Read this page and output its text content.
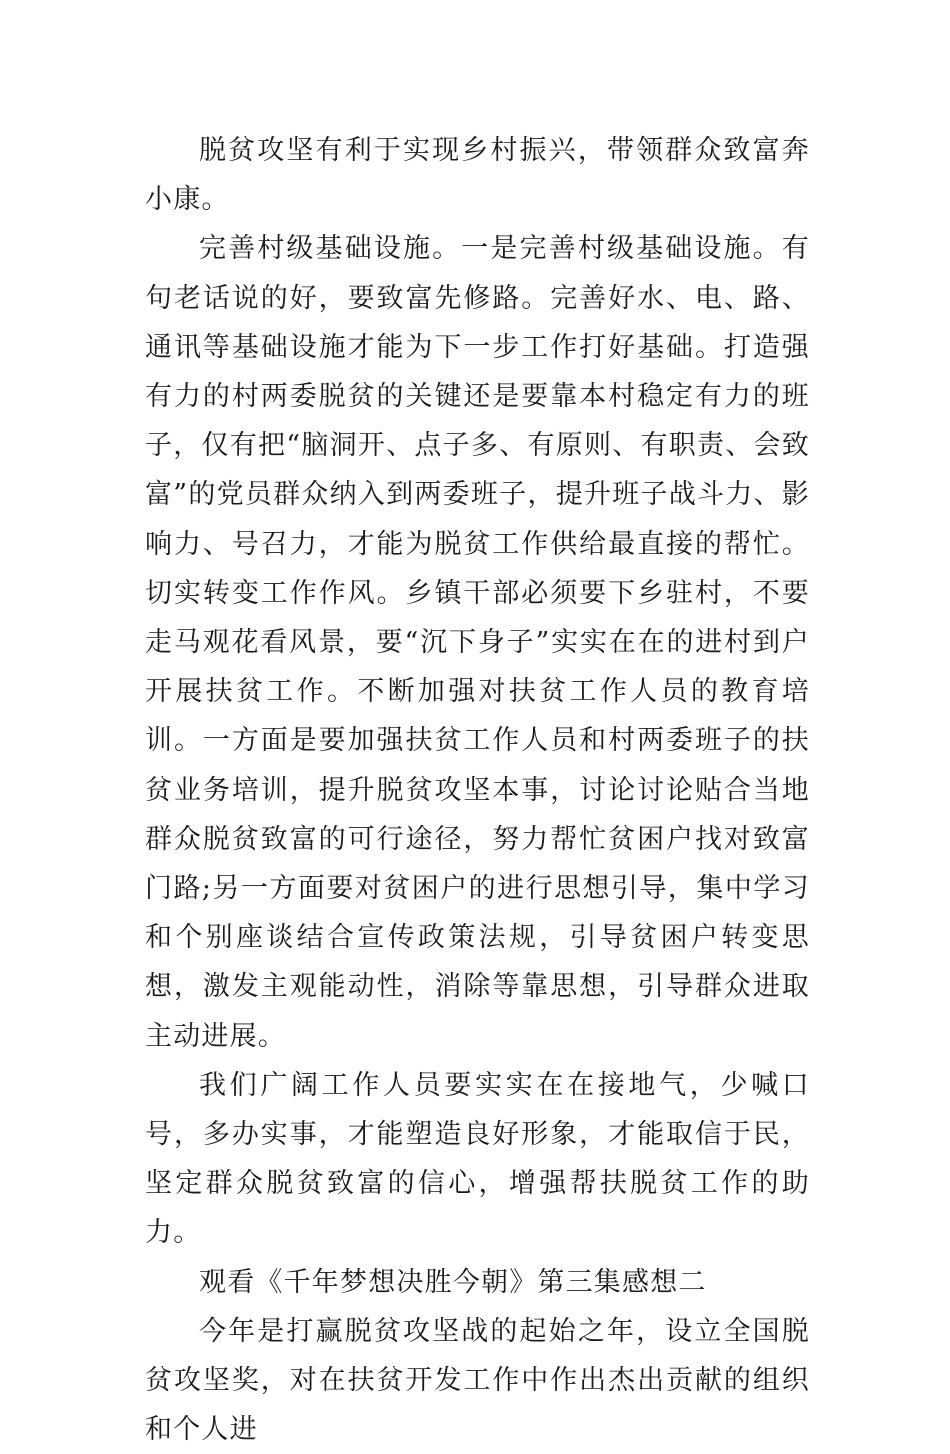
脱贫攻坚有利于实现乡村振兴，带领群众致富奔小康。

完善村级基础设施。一是完善村级基础设施。有句老话说的好，要致富先修路。完善好水、电、路、通讯等基础设施才能为下一步工作打好基础。打造强有力的村两委脱贫的关键还是要靠本村稳定有力的班子，仅有把“脑洞开、点子多、有原则、有职责、会致富”的党员群众纳入到两委班子，提升班子战斗力、影响力、号召力，才能为脱贫工作供给最直接的帮忙。切实转变工作作风。乡镇干部必须要下乡驻村，不要走马观花看风景，要“沉下身子”实实在在的进村到户开展扶贫工作。不断加强对扶贫工作人员的教育培训。一方面是要加强扶贫工作人员和村两委班子的扶贫业务培训，提升脱贫攻坚本事，讨论讨论贴合当地群众脱贫致富的可行途径，努力帮忙贫困户找对致富门路;另一方面要对贫困户的进行思想引导，集中学习和个别座谈结合宣传政策法规，引导贫困户转变思想，激发主观能动性，消除等靠思想，引导群众进取主动进展。

我们广阔工作人员要实实在在接地气，少喊口号，多办实事，才能塑造良好形象，才能取信于民，坚定群众脱贫致富的信心，增强帮扶脱贫工作的助力。

观看《千年梦想决胜今朝》第三集感想二

今年是打赢脱贫攻坚战的起始之年，设立全国脱贫攻坚奖，对在扶贫开发工作中作出杰出贡献的组织和个人进
